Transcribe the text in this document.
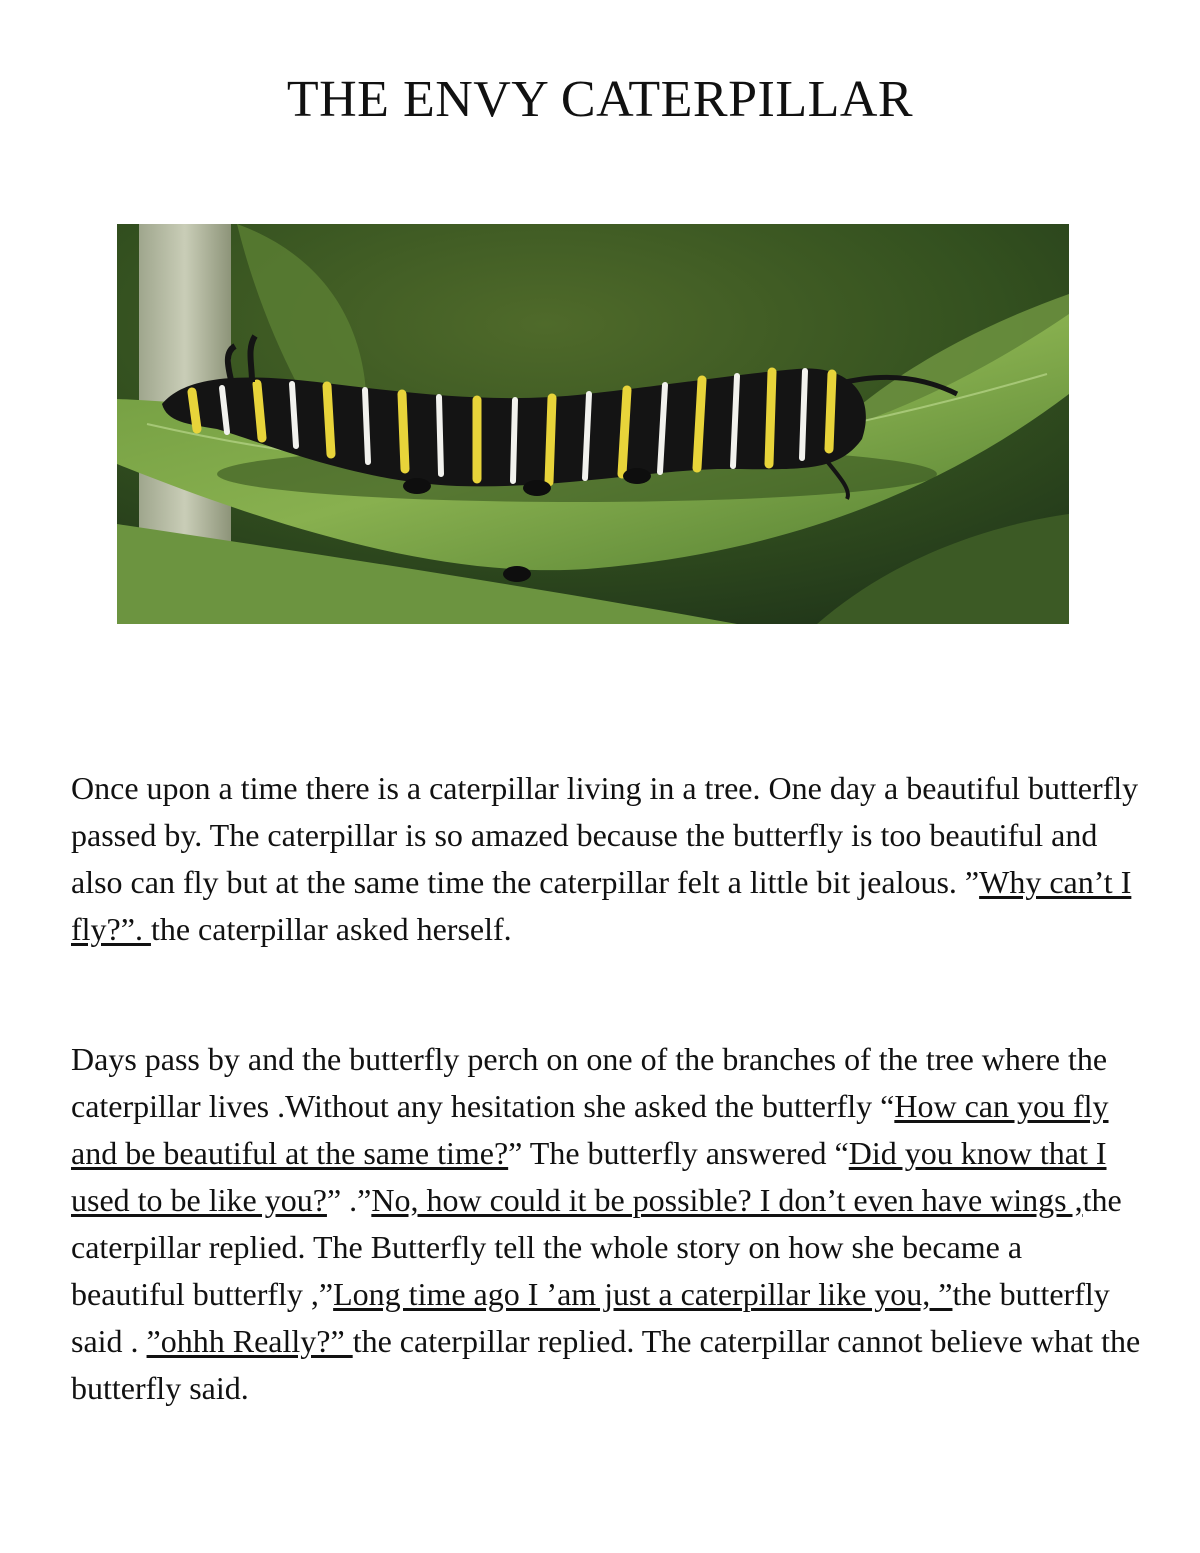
THE ENVY CATERPILLAR

Once upon a time there is a caterpillar living in a tree. One day a beautiful butterfly passed by. The caterpillar is so amazed because the butterfly is too beautiful and also can fly but at the same time the caterpillar felt a little bit jealous. ”Why can’t I fly?”. the caterpillar asked herself.

Days pass by and the butterfly perch on one of the branches of the tree where the caterpillar lives .Without any hesitation she asked the butterfly “How can you fly and be beautiful at the same time?” The butterfly answered “Did you know that I used to be like you?” .”No, how could it be possible? I don’t even have wings ,the caterpillar replied. The Butterfly tell the whole story on how she became a beautiful butterfly ,”Long time ago I ’am just a caterpillar like you, ”the butterfly said . ”ohhh Really?” the caterpillar replied. The caterpillar cannot believe what the butterfly said.
